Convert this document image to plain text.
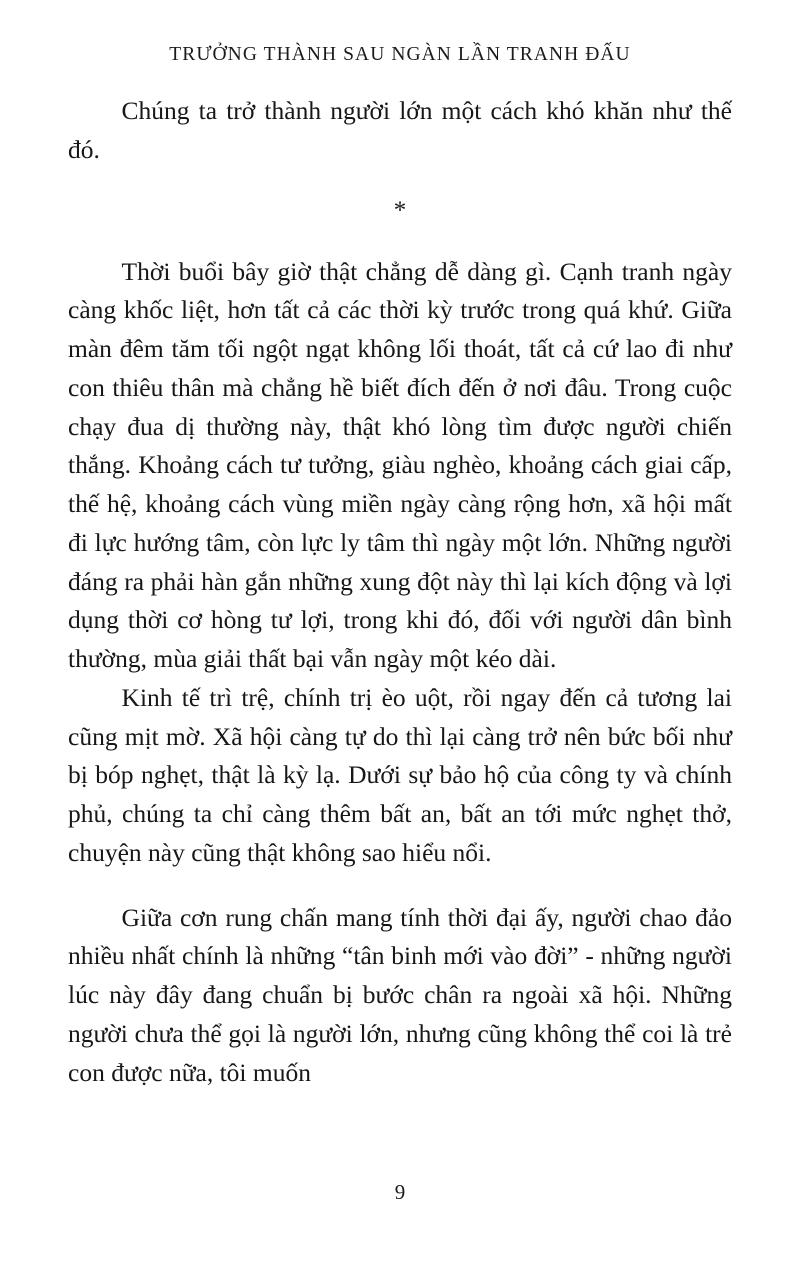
TRƯỞNG THÀNH SAU NGÀN LẦN TRANH ĐẤU

Chúng ta trở thành người lớn một cách khó khăn như thế đó.

*

Thời buổi bây giờ thật chẳng dễ dàng gì. Cạnh tranh ngày càng khốc liệt, hơn tất cả các thời kỳ trước trong quá khứ. Giữa màn đêm tăm tối ngột ngạt không lối thoát, tất cả cứ lao đi như con thiêu thân mà chẳng hề biết đích đến ở nơi đâu. Trong cuộc chạy đua dị thường này, thật khó lòng tìm được người chiến thắng. Khoảng cách tư tưởng, giàu nghèo, khoảng cách giai cấp, thế hệ, khoảng cách vùng miền ngày càng rộng hơn, xã hội mất đi lực hướng tâm, còn lực ly tâm thì ngày một lớn. Những người đáng ra phải hàn gắn những xung đột này thì lại kích động và lợi dụng thời cơ hòng tư lợi, trong khi đó, đối với người dân bình thường, mùa giải thất bại vẫn ngày một kéo dài.

Kinh tế trì trệ, chính trị èo uột, rồi ngay đến cả tương lai cũng mịt mờ. Xã hội càng tự do thì lại càng trở nên bức bối như bị bóp nghẹt, thật là kỳ lạ. Dưới sự bảo hộ của công ty và chính phủ, chúng ta chỉ càng thêm bất an, bất an tới mức nghẹt thở, chuyện này cũng thật không sao hiểu nổi.

Giữa cơn rung chấn mang tính thời đại ấy, người chao đảo nhiều nhất chính là những “tân binh mới vào đời” - những người lúc này đây đang chuẩn bị bước chân ra ngoài xã hội. Những người chưa thể gọi là người lớn, nhưng cũng không thể coi là trẻ con được nữa, tôi muốn

9
